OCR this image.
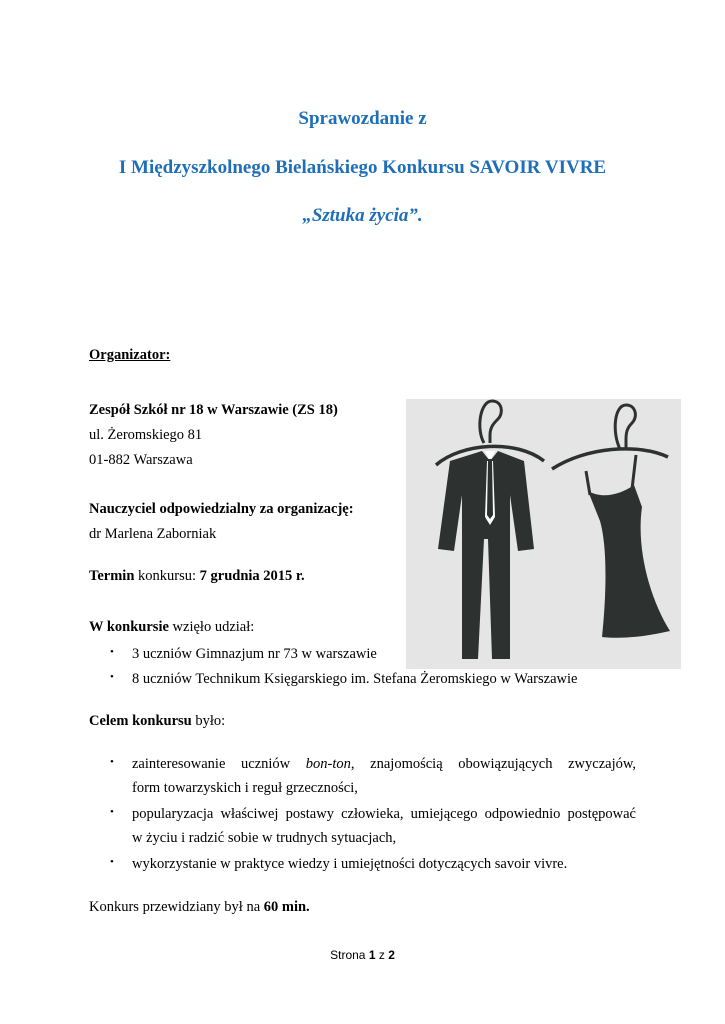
Sprawozdanie z
I Międzyszkolnego Bielańskiego Konkursu SAVOIR VIVRE
„Sztuka życia”.
Organizator:
Zespół Szkół nr 18 w Warszawie (ZS 18)
ul. Żeromskiego 81
01-882 Warszawa
Nauczyciel odpowiedzialny za organizację:
dr Marlena Zaborniak
Termin konkursu: 7 grudnia 2015 r.
W konkursie wzięło udział:
• 3 uczniów Gimnazjum nr 73 w warszawie
• 8 uczniów Technikum Księgarskiego im. Stefana Żeromskiego w Warszawie
Celem konkursu było:
• zainteresowanie uczniów bon-ton, znajomością obowiązujących zwyczajów,
form towarzyskich i reguł grzeczności,
• popularyzacja właściwej postawy człowieka, umiejącego odpowiednio postępować
w życiu i radzić sobie w trudnych sytuacjach,
• wykorzystanie w praktyce wiedzy i umiejętności dotyczących savoir vivre.
Konkurs przewidziany był na 60 min.
Strona 1 z 2
